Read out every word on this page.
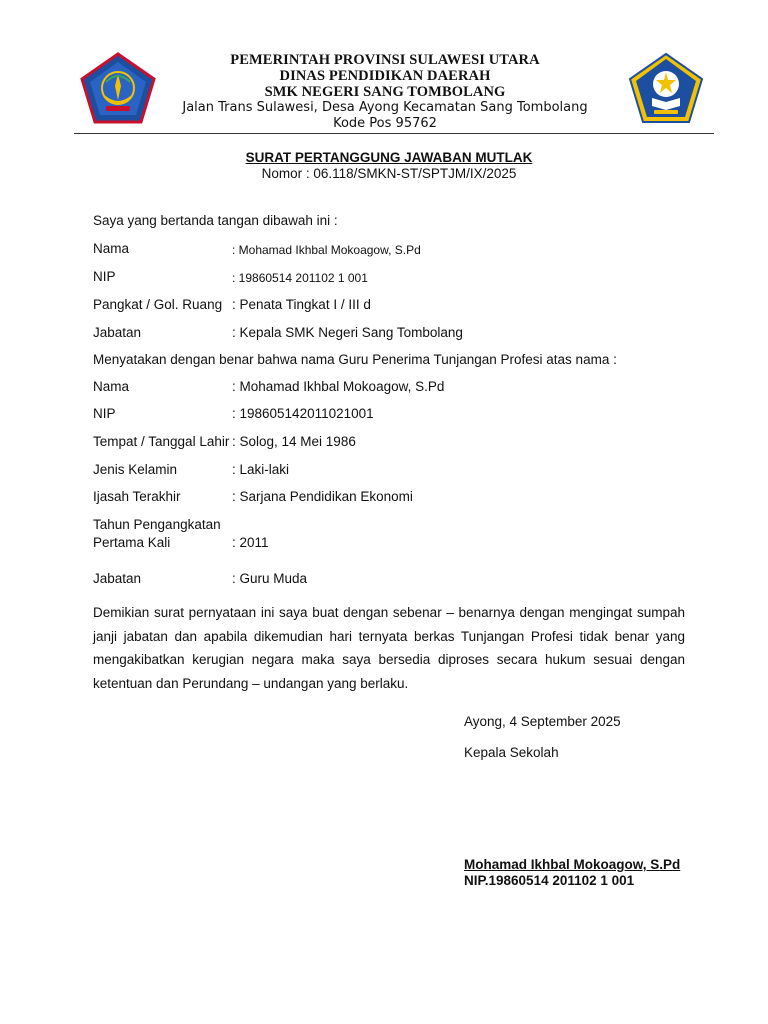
PEMERINTAH PROVINSI SULAWESI UTARA
DINAS PENDIDIKAN DAERAH
SMK NEGERI SANG TOMBOLANG
Jalan Trans Sulawesi, Desa Ayong Kecamatan Sang Tombolang
Kode Pos 95762
SURAT PERTANGGUNG JAWABAN MUTLAK
Nomor : 06.118/SMKN-ST/SPTJM/IX/2025
Saya yang bertanda tangan dibawah ini :
Nama	: Mohamad Ikhbal Mokoagow, S.Pd
NIP	: 19860514 201102 1 001
Pangkat / Gol. Ruang : Penata Tingkat I / III d
Jabatan	: Kepala SMK Negeri Sang Tombolang
Menyatakan dengan benar bahwa nama Guru Penerima Tunjangan Profesi atas nama :
Nama	: Mohamad Ikhbal Mokoagow, S.Pd
NIP	: 198605142011021001
Tempat / Tanggal Lahir : Solog, 14 Mei 1986
Jenis Kelamin	: Laki-laki
Ijasah Terakhir	: Sarjana Pendidikan Ekonomi
Tahun Pengangkatan
Pertama Kali	: 2011
Jabatan	: Guru Muda
Demikian surat pernyataan ini saya buat dengan sebenar – benarnya dengan mengingat sumpah janji jabatan dan apabila dikemudian hari ternyata berkas Tunjangan Profesi tidak benar yang mengakibatkan kerugian negara maka saya bersedia diproses secara hukum sesuai dengan ketentuan dan Perundang – undangan yang berlaku.
Ayong, 4 September 2025
Kepala Sekolah
Mohamad Ikhbal Mokoagow, S.Pd
NIP.19860514 201102 1 001
